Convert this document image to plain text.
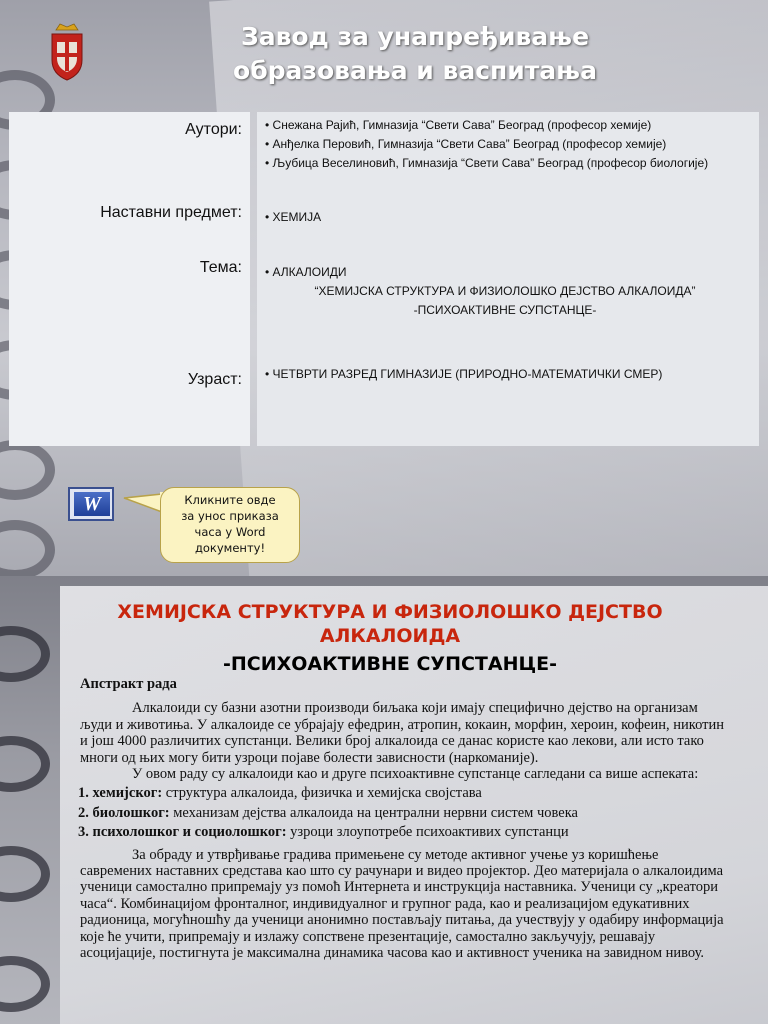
Завод за унапређивање
образовања и васпитања
Аутори:
Наставни предмет:
Тема:
Узраст:
• Снежана Рајић, Гимназија “Свети Сава” Београд (професор хемије)
• Анђелка Перовић, Гимназија “Свети Сава” Београд (професор хемије)
• Љубица Веселиновић, Гимназија “Свети Сава” Београд (професор биологије)
• ХЕМИЈА
• АЛКАЛОИДИ
“ХЕМИЈСКА СТРУКТУРА И ФИЗИОЛОШКО ДЕЈСТВО АЛКАЛОИДА”
-ПСИХОАКТИВНЕ СУПСТАНЦЕ-
• ЧЕТВРТИ РАЗРЕД ГИМНАЗИЈЕ (ПРИРОДНО-МАТЕМАТИЧКИ СМЕР)
W	Кликните овде
за унос приказа
часа у Word
документу!
ХЕМИЈСКА СТРУКТУРА И ФИЗИОЛОШКО ДЕЈСТВО
АЛКАЛОИДА
-ПСИХОАКТИВНЕ СУПСТАНЦЕ-

Апстракт рада

Алкалоиди су базни азотни производи биљака који имају специфично дејство на организам људи и животиња. У алкалоиде се убрајају ефедрин, атропин, кокаин, морфин, хероин, кофеин, никотин и још 4000 различитих супстанци. Велики број алкалоида се данас користе као лекови, али исто тако многи од њих могу бити узроци појаве болести зависности (наркоманије).

У овом раду су алкалоиди као и друге психоактивне супстанце сагледани са више аспеката:

1. хемијског: структура алкалоида, физичка и хемијска својстава
2. биолошког: механизам дејства алкалоида на централни нервни систем човека
3. психолошког и социолошког: узроци злоупотребе психоактивих супстанци

За обраду и утврђивање градива примењене су методе активног учење уз коришћење савремених наставних средстава као што су рачунари и видео пројектор. Део материјала о алкалоидима ученици самостално припремају уз помоћ Интернета и инструкција наставника. Ученици су „креатори часа“. Комбинацијом фронталног, индивидуалног и групног рада, као и реализацијом едукативних радионица, могућношћу да ученици анонимно постављају питања, да учествују у одабиру информација које ће учити, припремају и излажу сопствене презентације, самостално закључују, решавају асоцијације, постигнута је максимална динамика часова као и активност ученика на завидном нивоу.
